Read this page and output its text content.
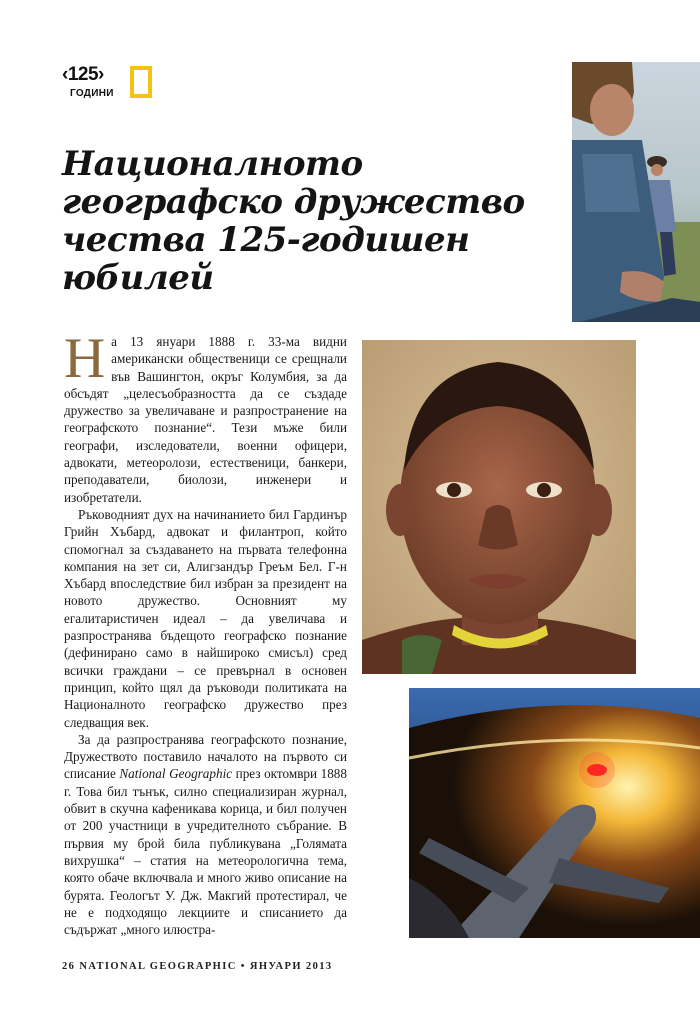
‹125›
ГОДИНИ
Националното географско дружество чества 125-годишен юбилей

На 13 януари 1888 г. 33-ма видни американски общественици се срещнали във Вашингтон, окръг Колумбия, за да обсъдят „целесъобразността да се създаде дружество за увеличаване и разпространение на географското познание“. Тези мъже били географи, изследователи, военни офицери, адвокати, метеоролози, естественици, банкери, преподаватели, биолози, инженери и изобретатели.

Ръководният дух на начинанието бил Гардинър Грийн Хъбард, адвокат и филантроп, който спомогнал за създаването на първата телефонна компания на зет си, Алигзандър Греъм Бел. Г-н Хъбард впоследствие бил избран за президент на новото дружество. Основният му егалитаристичен идеал – да увеличава и разпространява бъдещото географско познание (дефинирано само в найшироко смисъл) сред всички граждани – се превърнал в основен принцип, който щял да ръководи политиката на Националното географско дружество през следващия век.

За да разпространява географското познание, Дружеството поставило началото на първото си списание National Geographic през октомври 1888 г. Това бил тънък, силно специализиран журнал, обвит в скучна кафеникава корица, и бил получен от 200 участници в учредителното събрание. В първия му брой била публикувана „Голямата вихрушка“ – статия на метеорологична тема, която обаче включвала и много живо описание на бурята. Геологът У. Дж. Макгий протестирал, че не е подходящо лекциите и списанието да съдържат „много илюстра-

26 NATIONAL GEOGRAPHIC • ЯНУАРИ 2013
